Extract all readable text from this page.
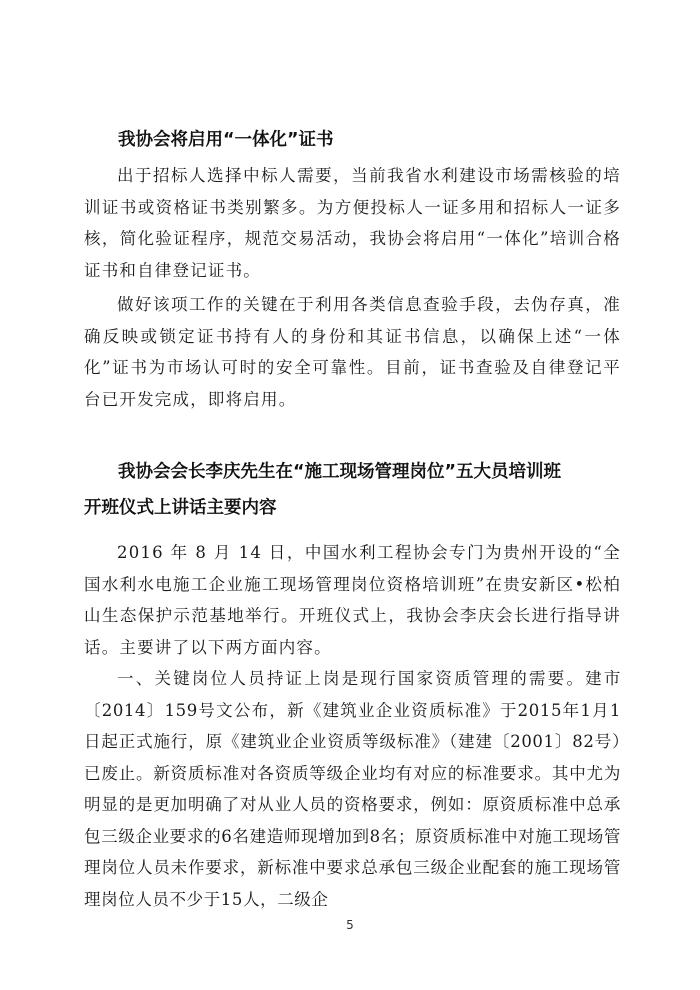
我协会将启用“一体化”证书

出于招标人选择中标人需要，当前我省水利建设市场需核验的培训证书或资格证书类别繁多。为方便投标人一证多用和招标人一证多核，简化验证程序，规范交易活动，我协会将启用“一体化”培训合格证书和自律登记证书。

做好该项工作的关键在于利用各类信息查验手段，去伪存真，准确反映或锁定证书持有人的身份和其证书信息，以确保上述“一体化”证书为市场认可时的安全可靠性。目前，证书查验及自律登记平台已开发完成，即将启用。

我协会会长李庆先生在“施工现场管理岗位”五大员培训班
开班仪式上讲话主要内容

2016 年 8 月 14 日，中国水利工程协会专门为贵州开设的“全国水利水电施工企业施工现场管理岗位资格培训班”在贵安新区•松柏山生态保护示范基地举行。开班仪式上，我协会李庆会长进行指导讲话。主要讲了以下两方面内容。

一、关键岗位人员持证上岗是现行国家资质管理的需要。建市〔2014〕159号文公布，新《建筑业企业资质标准》于2015年1月1日起正式施行，原《建筑业企业资质等级标准》（建建〔2001〕82号）已废止。新资质标准对各资质等级企业均有对应的标准要求。其中尤为明显的是更加明确了对从业人员的资格要求，例如：原资质标准中总承包三级企业要求的6名建造师现增加到8名；原资质标准中对施工现场管理岗位人员未作要求，新标准中要求总承包三级企业配套的施工现场管理岗位人员不少于15人，二级企

5
